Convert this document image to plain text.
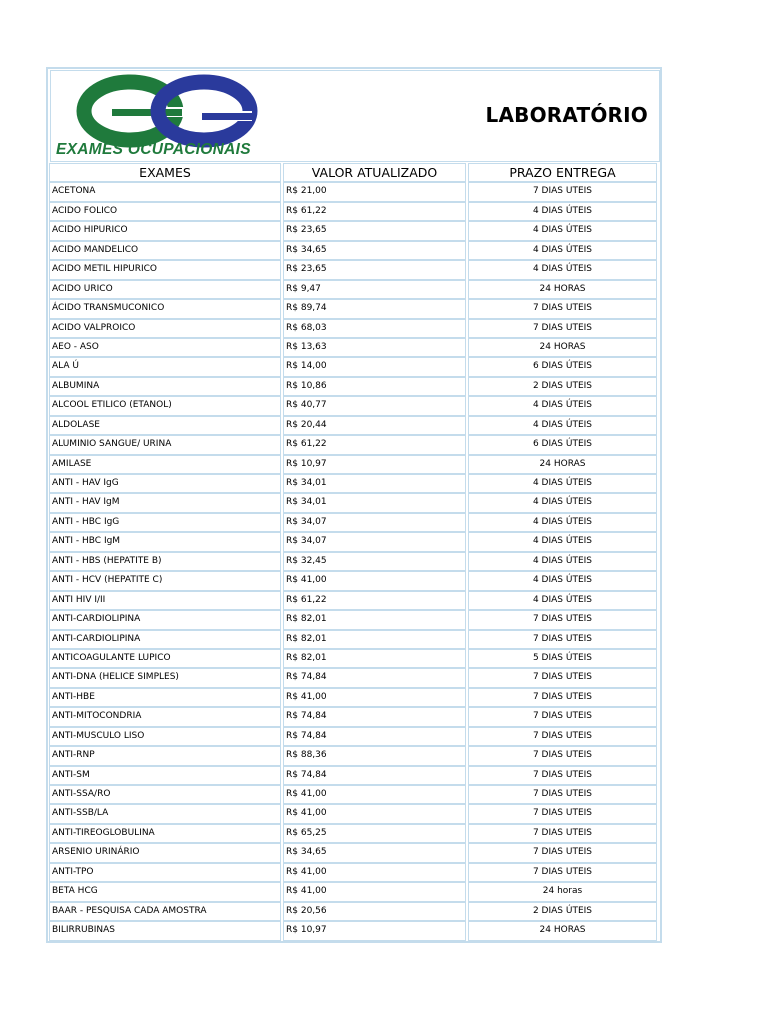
EXAMES OCUPACIONAIS
LABORATÓRIO
EXAMES	VALOR ATUALIZADO	PRAZO ENTREGA
ACETONA	R$ 21,00	7 DIAS UTEIS
ACIDO FOLICO	R$ 61,22	4 DIAS ÚTEIS
ACIDO HIPURICO	R$ 23,65	4 DIAS ÚTEIS
ACIDO MANDELICO	R$ 34,65	4 DIAS ÚTEIS
ACIDO METIL HIPURICO	R$ 23,65	4 DIAS ÚTEIS
ACIDO URICO	R$ 9,47	24 HORAS
ÁCIDO TRANSMUCONICO	R$ 89,74	7 DIAS UTEIS
ACIDO VALPROICO	R$ 68,03	7 DIAS UTEIS
AEO - ASO	R$ 13,63	24 HORAS
ALA Ú	R$ 14,00	6 DIAS ÚTEIS
ALBUMINA	R$ 10,86	2 DIAS UTEIS
ALCOOL ETILICO (ETANOL)	R$ 40,77	4 DIAS ÚTEIS
ALDOLASE	R$ 20,44	4 DIAS ÚTEIS
ALUMINIO SANGUE/ URINA	R$ 61,22	6 DIAS ÚTEIS
AMILASE	R$ 10,97	24 HORAS
ANTI - HAV IgG	R$ 34,01	4 DIAS ÚTEIS
ANTI - HAV IgM	R$ 34,01	4 DIAS ÚTEIS
ANTI - HBC IgG	R$ 34,07	4 DIAS ÚTEIS
ANTI - HBC IgM	R$ 34,07	4 DIAS ÚTEIS
ANTI - HBS (HEPATITE B)	R$ 32,45	4 DIAS ÚTEIS
ANTI - HCV (HEPATITE C)	R$ 41,00	4 DIAS ÚTEIS
ANTI HIV I/II	R$ 61,22	4 DIAS ÚTEIS
ANTI-CARDIOLIPINA	R$ 82,01	7 DIAS UTEIS
ANTI-CARDIOLIPINA	R$ 82,01	7 DIAS UTEIS
ANTICOAGULANTE LUPICO	R$ 82,01	5 DIAS ÚTEIS
ANTI-DNA (HELICE SIMPLES)	R$ 74,84	7 DIAS UTEIS
ANTI-HBE	R$ 41,00	7 DIAS UTEIS
ANTI-MITOCONDRIA	R$ 74,84	7 DIAS UTEIS
ANTI-MUSCULO LISO	R$ 74,84	7 DIAS UTEIS
ANTI-RNP	R$ 88,36	7 DIAS UTEIS
ANTI-SM	R$ 74,84	7 DIAS UTEIS
ANTI-SSA/RO	R$ 41,00	7 DIAS UTEIS
ANTI-SSB/LA	R$ 41,00	7 DIAS UTEIS
ANTI-TIREOGLOBULINA	R$ 65,25	7 DIAS UTEIS
ARSENIO URINÁRIO	R$ 34,65	7 DIAS UTEIS
ANTI-TPO	R$ 41,00	7 DIAS UTEIS
BETA HCG	R$ 41,00	24 horas
BAAR - PESQUISA CADA AMOSTRA	R$ 20,56	2 DIAS ÚTEIS
BILIRRUBINAS	R$ 10,97	24 HORAS
